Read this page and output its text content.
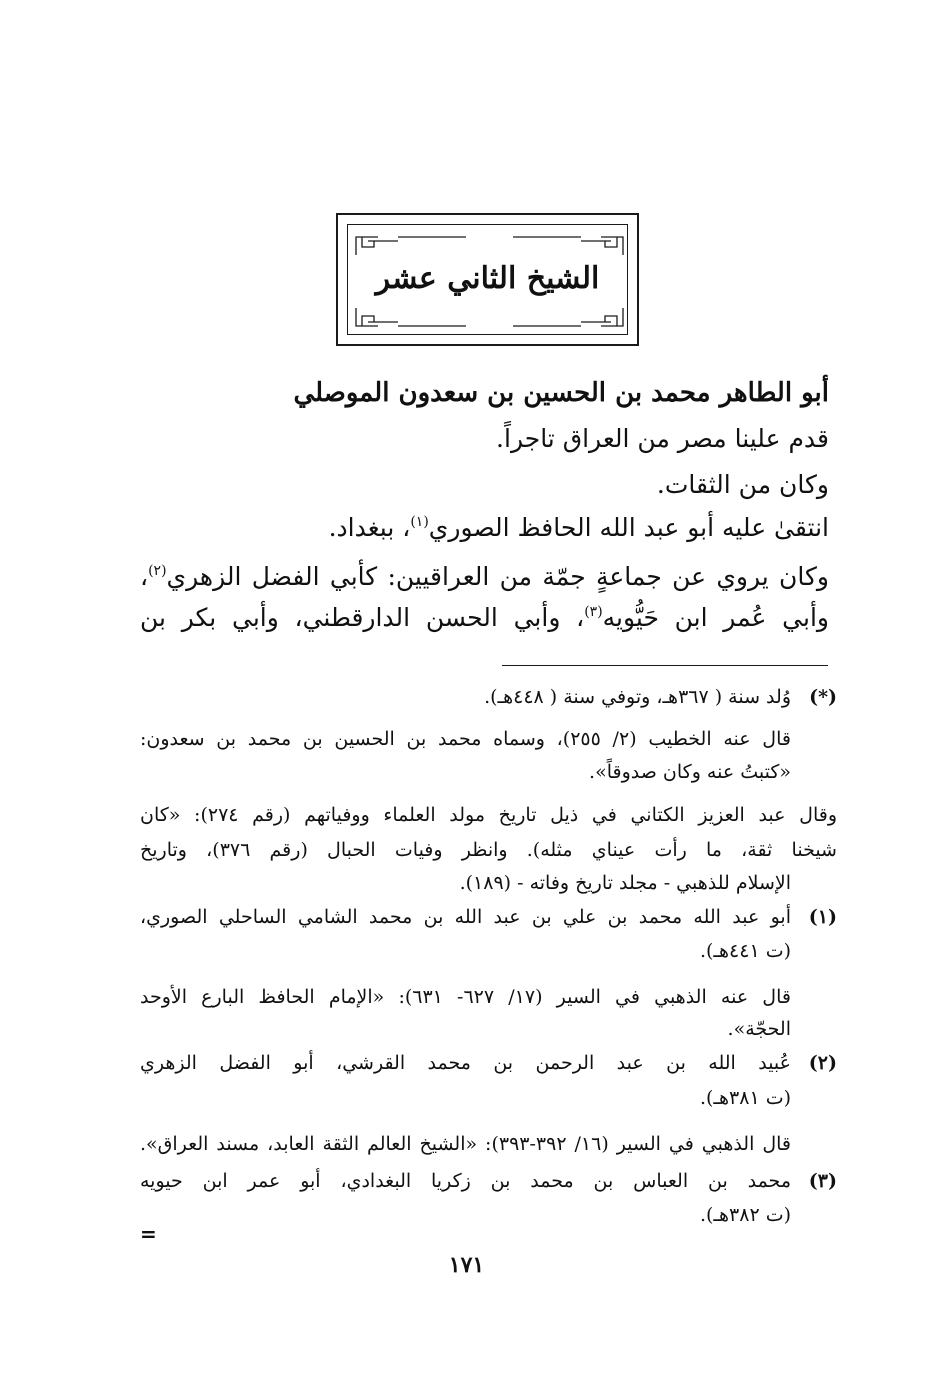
الشيخ الثاني عشر
أبو الطاهر محمد بن الحسين بن سعدون الموصلي
قدم علينا مصر من العراق تاجراً.
وكان من الثقات.
انتقىٰ عليه أبو عبد الله الحافظ الصوري$^{(١)}$، ببغداد.
وكان يروي عن جماعةٍ جمّة من العراقيين: كأبي الفضل الزهري$^{(٢)}$،
وأبي عُمر ابن حَيُّويه$^{(٣)}$، وأبي الحسن الدارقطني، وأبي بكر بن
(*)
وُلد سنة ( ٣٦٧هـ، وتوفي سنة ( ٤٤٨هـ).
قال عنه الخطيب (٢/ ٢٥٥)، وسماه محمد بن الحسين بن محمد بن سعدون:
«كتبتُ عنه وكان صدوقاً».
وقال عبد العزيز الكتاني في ذيل تاريخ مولد العلماء ووفياتهم (رقم ٢٧٤): «كان
شيخنا ثقة، ما رأت عيناي مثله). وانظر وفيات الحبال (رقم ٣٧٦)، وتاريخ
الإسلام للذهبي - مجلد تاريخ وفاته - (١٨٩).
(١)
أبو عبد الله محمد بن علي بن عبد الله بن محمد الشامي الساحلي الصوري،
(ت ٤٤١هـ).
قال عنه الذهبي في السير (١٧/ ٦٢٧- ٦٣١): «الإمام الحافظ البارع الأوحد
الحجّة».
(٢)
عُبيد الله بن عبد الرحمن بن محمد القرشي، أبو الفضل الزهري
(ت ٣٨١هـ).
قال الذهبي في السير (١٦/ ٣٩٢-٣٩٣): «الشيخ العالم الثقة العابد، مسند العراق».
(٣)
محمد بن العباس بن محمد بن زكريا البغدادي، أبو عمر ابن حيويه
(ت ٣٨٢هـ).
=
١٧١
